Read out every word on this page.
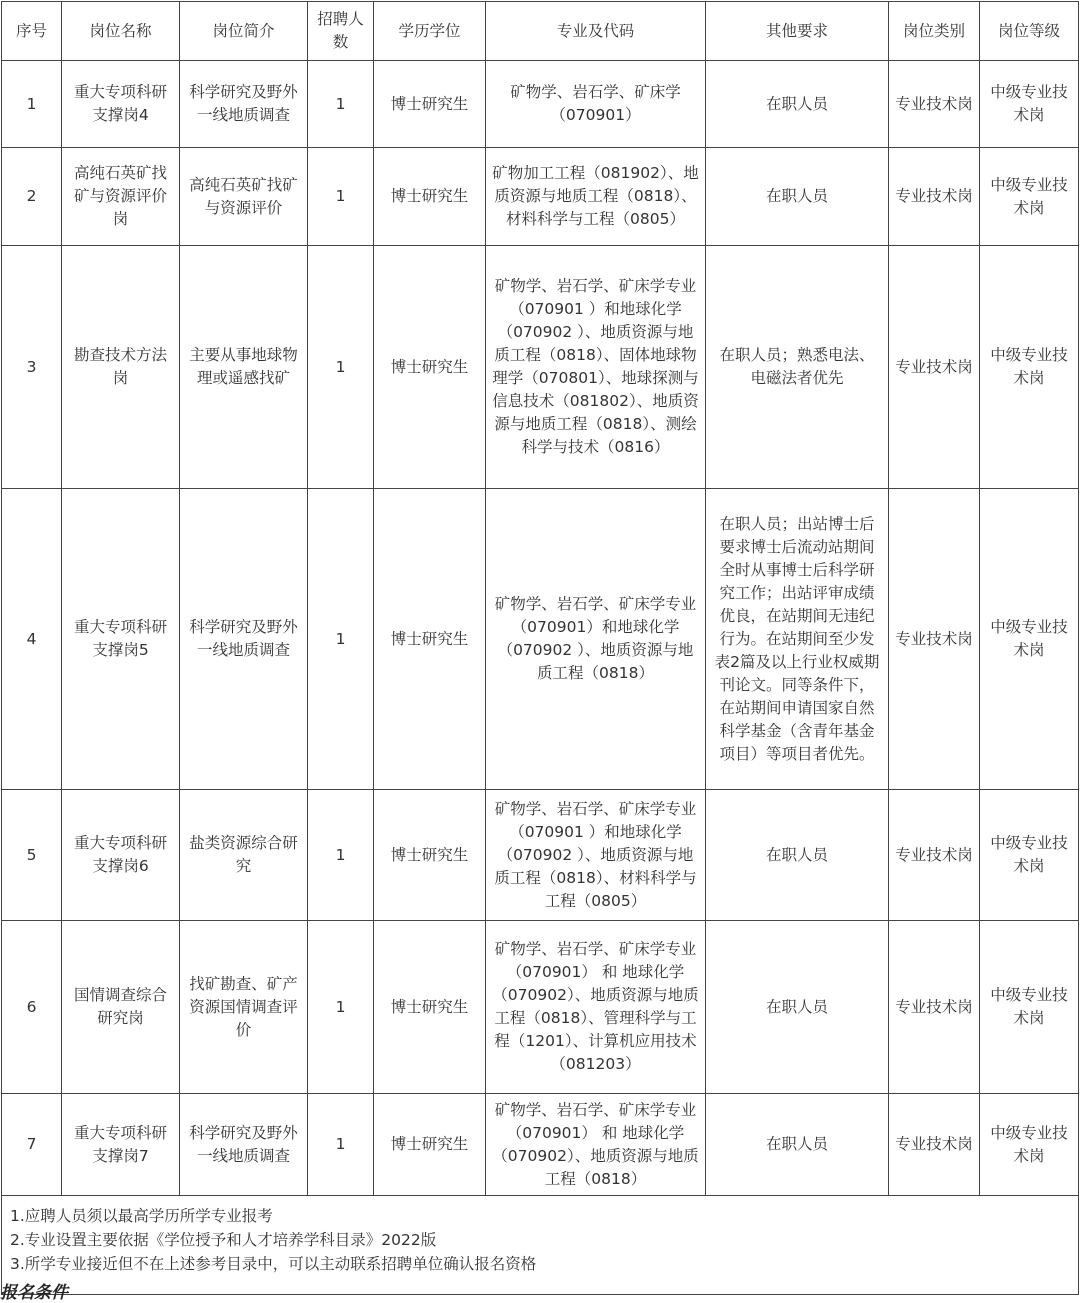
序号	岗位名称	岗位简介	招聘人数	学历学位	专业及代码	其他要求	岗位类别	岗位等级
1	重大专项科研支撑岗4	科学研究及野外一线地质调查	1	博士研究生	矿物学、岩石学、矿床学（070901）	在职人员	专业技术岗	中级专业技术岗
2	高纯石英矿找矿与资源评价岗	高纯石英矿找矿与资源评价	1	博士研究生	矿物加工工程（081902）、地质资源与地质工程（0818）、材料科学与工程（0805）	在职人员	专业技术岗	中级专业技术岗
3	勘查技术方法岗	主要从事地球物理或遥感找矿	1	博士研究生	矿物学、岩石学、矿床学专业（070901 ）和地球化学（070902 ）、地质资源与地质工程（0818）、固体地球物理学（070801）、地球探测与信息技术（081802）、地质资源与地质工程（0818）、测绘科学与技术（0816）	在职人员；熟悉电法、电磁法者优先	专业技术岗	中级专业技术岗
4	重大专项科研支撑岗5	科学研究及野外一线地质调查	1	博士研究生	矿物学、岩石学、矿床学专业（070901）和地球化学（070902 ）、地质资源与地质工程（0818）	在职人员；出站博士后要求博士后流动站期间全时从事博士后科学研究工作；出站评审成绩优良，在站期间无违纪行为。在站期间至少发表2篇及以上行业权威期刊论文。同等条件下，在站期间申请国家自然科学基金（含青年基金项目）等项目者优先。	专业技术岗	中级专业技术岗
5	重大专项科研支撑岗6	盐类资源综合研究	1	博士研究生	矿物学、岩石学、矿床学专业（070901 ）和地球化学（070902 ）、地质资源与地质工程（0818）、材料科学与工程（0805）	在职人员	专业技术岗	中级专业技术岗
6	国情调查综合研究岗	找矿勘查、矿产资源国情调查评价	1	博士研究生	矿物学、岩石学、矿床学专业（070901） 和 地球化学（070902）、地质资源与地质工程（0818）、管理科学与工程（1201）、计算机应用技术（081203）	在职人员	专业技术岗	中级专业技术岗
7	重大专项科研支撑岗7	科学研究及野外一线地质调查	1	博士研究生	矿物学、岩石学、矿床学专业（070901） 和 地球化学（070902）、地质资源与地质工程（0818）	在职人员	专业技术岗	中级专业技术岗

1.应聘人员须以最高学历所学专业报考
2.专业设置主要依据《学位授予和人才培养学科目录》2022版
3.所学专业接近但不在上述参考目录中，可以主动联系招聘单位确认报名资格								
报名条件
